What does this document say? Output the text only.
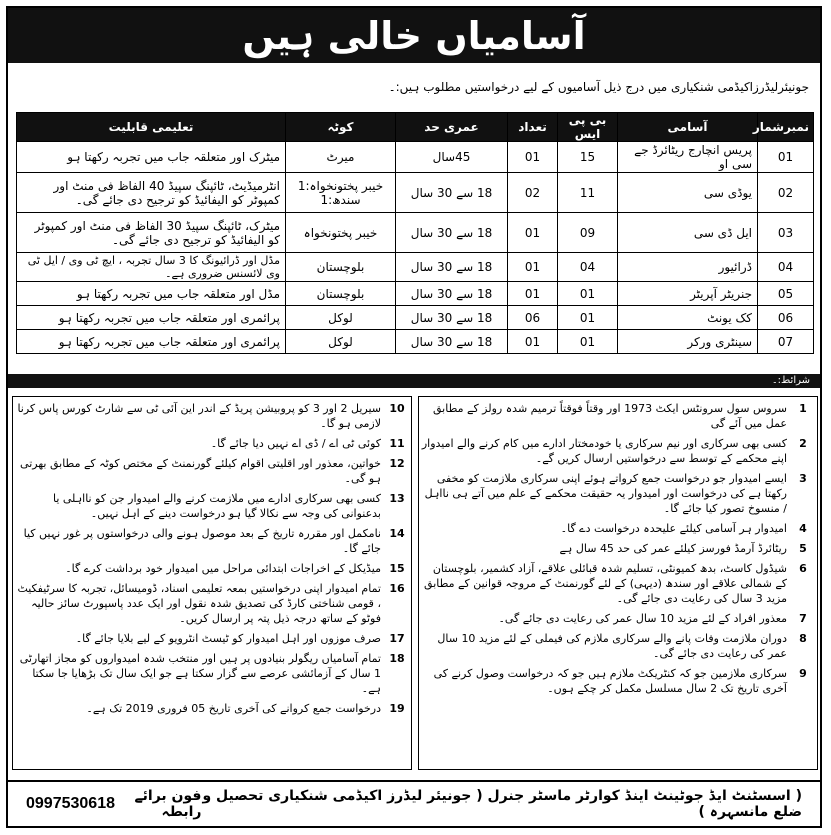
آسامیاں خالی ہیں
جونیئرلیڈرزاکیڈمی شنکیاری میں درج ذیل آسامیوں کے لیے درخواستیں مطلوب ہیں:۔
نمبرشمار	آسامی	بی پی ایس	تعداد	عمری حد	کوٹہ	تعلیمی قابلیت
01	پریس انچارج ریٹائرڈ جے سی او	15	01	45سال	میرٹ	میٹرک اور متعلقہ جاب میں تجربہ رکھتا ہو
02	یوڈی سی	11	02	18 سے 30 سال	خیبر پختونخواہ:1 سندھ:1	انٹرمیڈیٹ، ٹائپنگ سپیڈ 40 الفاظ فی منٹ اور کمپوٹر کو الیفائیڈ کو ترجیح دی جائے گی۔
03	ایل ڈی سی	09	01	18 سے 30 سال	خیبر پختونخواہ	میٹرک، ٹائپنگ سپیڈ 30 الفاظ فی منٹ اور کمپوٹر کو الیفائیڈ کو ترجیح دی جائے گی۔
04	ڈرائیور	04	01	18 سے 30 سال	بلوچستان	مڈل اور ڈرائیونگ کا 3 سال تجربہ ، ایچ ٹی وی / ایل ٹی وی لائسنس ضروری ہے۔
05	جنریٹر آپریٹر	01	01	18 سے 30 سال	بلوچستان	مڈل اور متعلقہ جاب میں تجربہ رکھتا ہو
06	کک یونٹ	01	06	18 سے 30 سال	لوکل	پرائمری اور متعلقہ جاب میں تجربہ رکھتا ہو
07	سینٹری ورکر	01	01	18 سے 30 سال	لوکل	پرائمری اور متعلقہ جاب میں تجربہ رکھتا ہو
شرائط:۔
1
سروس سول سرونٹس ایکٹ 1973 اور وقتاً فوقتاً ترمیم شدہ رولز کے مطابق عمل میں آئے گی
2
کسی بھی سرکاری اور نیم سرکاری یا خودمختار ادارے میں کام کرنے والے امیدوار اپنے محکمے کے توسط سے درخواستیں ارسال کریں گے۔
3
ایسے امیدوار جو درخواست جمع کرواتے ہوئے اپنی سرکاری ملازمت کو مخفی رکھتا ہے کی درخواست اور امیدوار یہ حقیقت محکمے کے علم میں آتے ہی نااہل / منسوخ تصور کیا جائے گا۔
4
امیدوار ہر آسامی کیلئے علیحدہ درخواست دے گا۔
5
ریٹائرڈ آرمڈ فورسز کیلئے عمر کی حد 45 سال ہے
6
شیڈول کاسٹ، بدھ کمیونٹی، تسلیم شدہ قبائلی علاقے، آزاد کشمیر، بلوچستان کے شمالی علاقے اور سندھ (دیہی) کے لئے گورنمنٹ کے مروجہ قوانین کے مطابق مزید 3 سال کی رعایت دی جائے گی۔
7
معذور افراد کے لئے مزید 10 سال عمر کی رعایت دی جائے گی۔
8
دوران ملازمت وفات پانے والے سرکاری ملازم کی فیملی کے لئے مزید 10 سال عمر کی رعایت دی جائے گی۔
9
سرکاری ملازمین جو کہ کنٹریکٹ ملازم ہیں جو کہ درخواست وصول کرنے کی آخری تاریخ تک 2 سال مسلسل مکمل کر چکے ہوں۔
10
سیریل 2 اور 3 کو پروبیشن پریڈ کے اندر این آئی ٹی سے شارٹ کورس پاس کرنا لازمی ہو گا۔
11
کوئی ٹی اے / ڈی اے نہیں دیا جائے گا۔
12
خواتین، معذور اور اقلیتی اقوام کیلئے گورنمنٹ کے مختص کوٹہ کے مطابق بھرتی ہو گی۔
13
کسی بھی سرکاری ادارے میں ملازمت کرنے والے امیدوار جن کو نااہلی یا بدعنوانی کی وجہ سے نکالا گیا ہو درخواست دینے کے اہل نہیں۔
14
نامکمل اور مقررہ تاریخ کے بعد موصول ہونے والی درخواستوں پر غور نہیں کیا جائے گا۔
15
میڈیکل کے اخراجات ابتدائی مراحل میں امیدوار خود برداشت کرے گا۔
16
تمام امیدوار اپنی درخواستیں بمعہ تعلیمی اسناد، ڈومیسائل، تجربہ کا سرٹیفکیٹ ، قومی شناختی کارڈ کی تصدیق شدہ نقول اور ایک عدد پاسپورٹ سائز حالیہ فوٹو کے ساتھ درجہ ذیل پتہ پر ارسال کریں۔
17
صرف موزوں اور اہل امیدوار کو ٹیسٹ انٹرویو کے لیے بلایا جائے گا۔
18
تمام آسامیاں ریگولر بنیادوں پر ہیں اور منتخب شدہ امیدواروں کو مجاز اتھارٹی 1 سال کے آزمائشی عرصے سے گزار سکتا ہے جو ایک سال تک بڑھایا جا سکتا ہے۔
19
درخواست جمع کروانے کی آخری تاریخ 05 فروری 2019 تک ہے۔
( اسسٹنٹ ایڈ جوٹینٹ اینڈ کوارٹر ماسٹر جنرل ( جونیئر لیڈرز اکیڈمی شنکیاری تحصیل و ضلع مانسہرہ )
فون برائے رابطہ
0997530618
